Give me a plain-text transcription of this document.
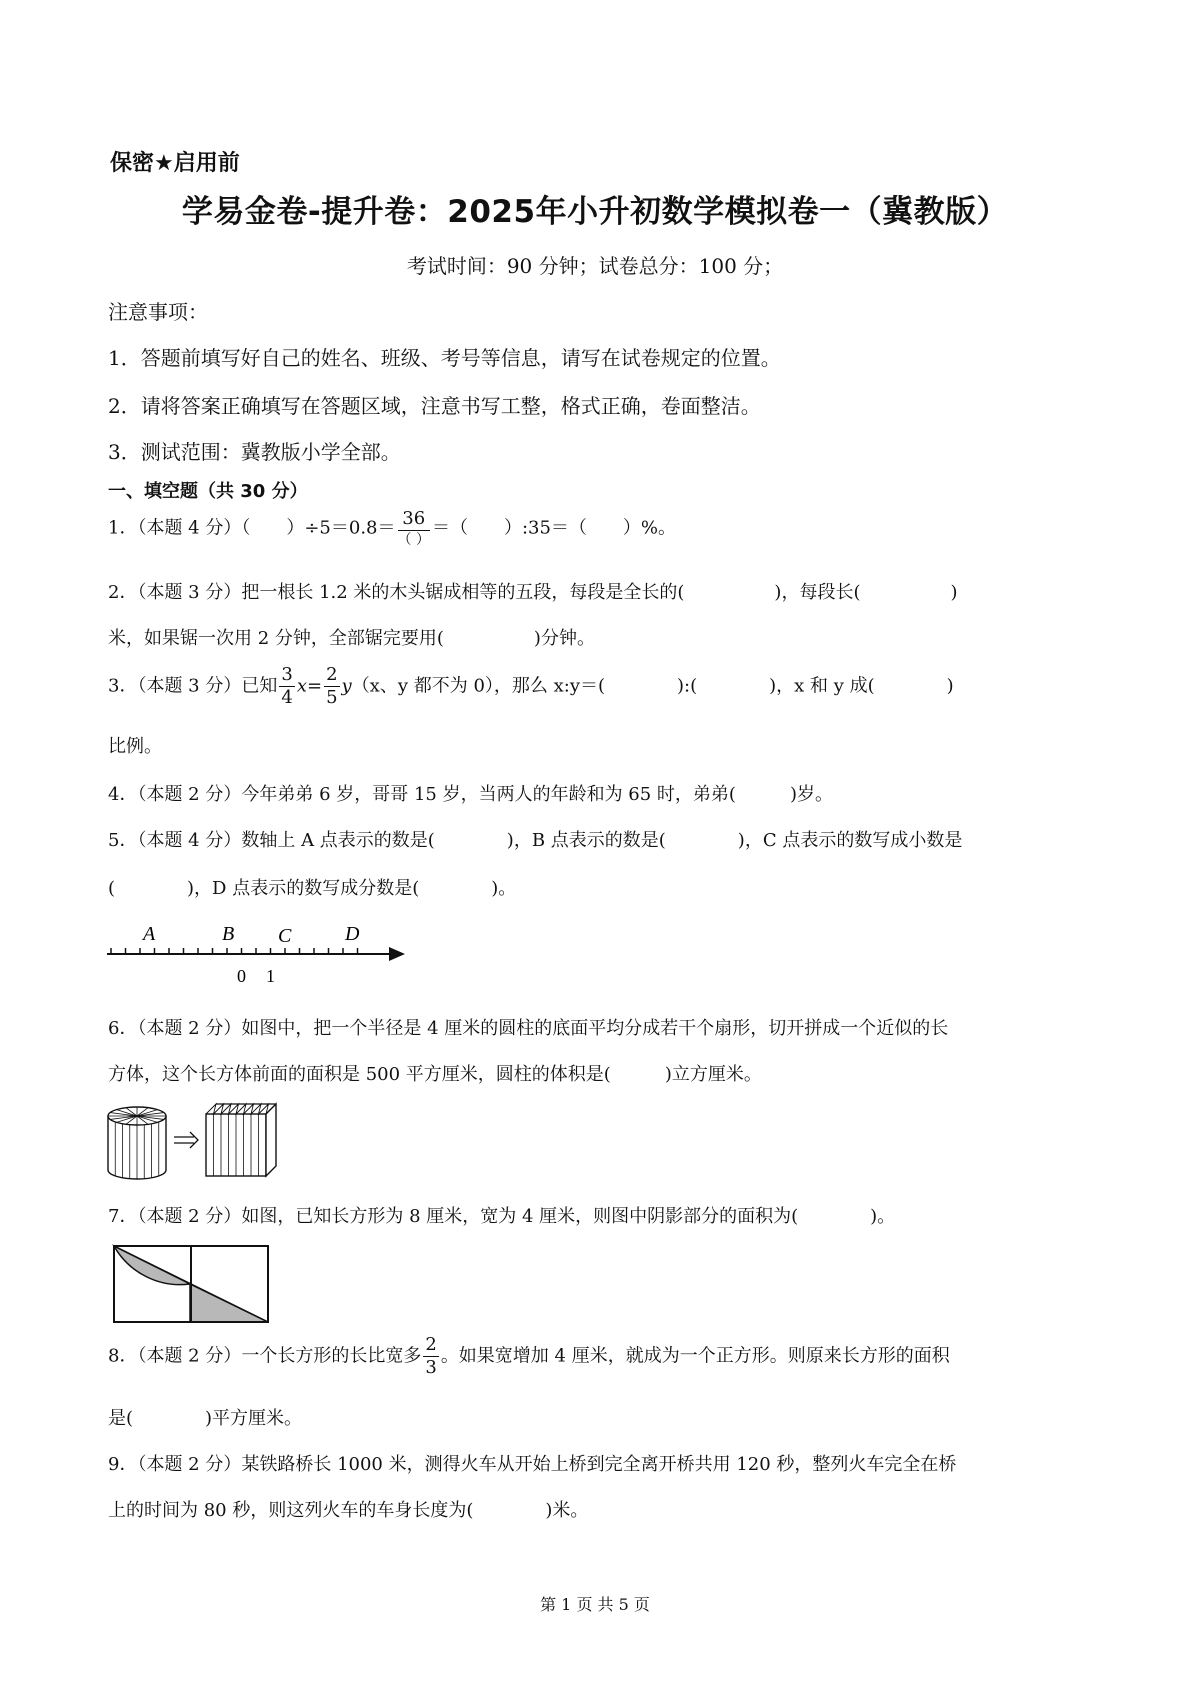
保密★启用前
学易金卷-提升卷：2025年小升初数学模拟卷一（冀教版）
考试时间：90 分钟；试卷总分：100 分；
注意事项：
1．答题前填写好自己的姓名、班级、考号等信息，请写在试卷规定的位置。
2．请将答案正确填写在答题区域，注意书写工整，格式正确，卷面整洁。
3．测试范围：冀教版小学全部。
一、填空题（共 30 分）
1．（本题 4 分）（　　）$\div 5=0.8= \frac{36}{( )}$ ＝（　　）:35＝（　　）%。
2．（本题 3 分）把一根长 1.2 米的木头锯成相等的五段，每段是全长的(　　　　　)，每段长(　　　　　)
米，如果锯一次用 2 分钟，全部锯完要用(　　　　　)分钟。
3．（本题 3 分）已知 $\frac{3}{4} x= \frac{2}{5} y(x$、y 都不为 0），那么 x:y＝(　　　　):(　　　　)，x 和 y 成(　　　　)
比例。
4．（本题 2 分）今年弟弟 6 岁，哥哥 15 岁，当两人的年龄和为 65 时，弟弟(　　　)岁。
5．（本题 4 分）数轴上 A 点表示的数是(　　　　)，B 点表示的数是(　　　　)，C 点表示的数写成小数是
(　　　　)，D 点表示的数写成分数是(　　　　)。
A	B C	D
0 1
6．（本题 2 分）如图中，把一个半径是 4 厘米的圆柱的底面平均分成若干个扇形，切开拼成一个近似的长
方体，这个长方体前面的面积是 500 平方厘米，圆柱的体积是(　　　)立方厘米。
7．（本题 2 分）如图，已知长方形为 8 厘米，宽为 4 厘米，则图中阴影部分的面积为(　　　　)。
8．（本题 2 分）一个长方形的长比宽多 $\frac{2}{3}$ 。如果宽增加 4 厘米，就成为一个正方形。则原来长方形的面积
是(　　　　)平方厘米。
9．（本题 2 分）某铁路桥长 1000 米，测得火车从开始上桥到完全离开桥共用 120 秒，整列火车完全在桥
上的时间为 80 秒，则这列火车的车身长度为(　　　　)米。
第 1 页 共 5 页
